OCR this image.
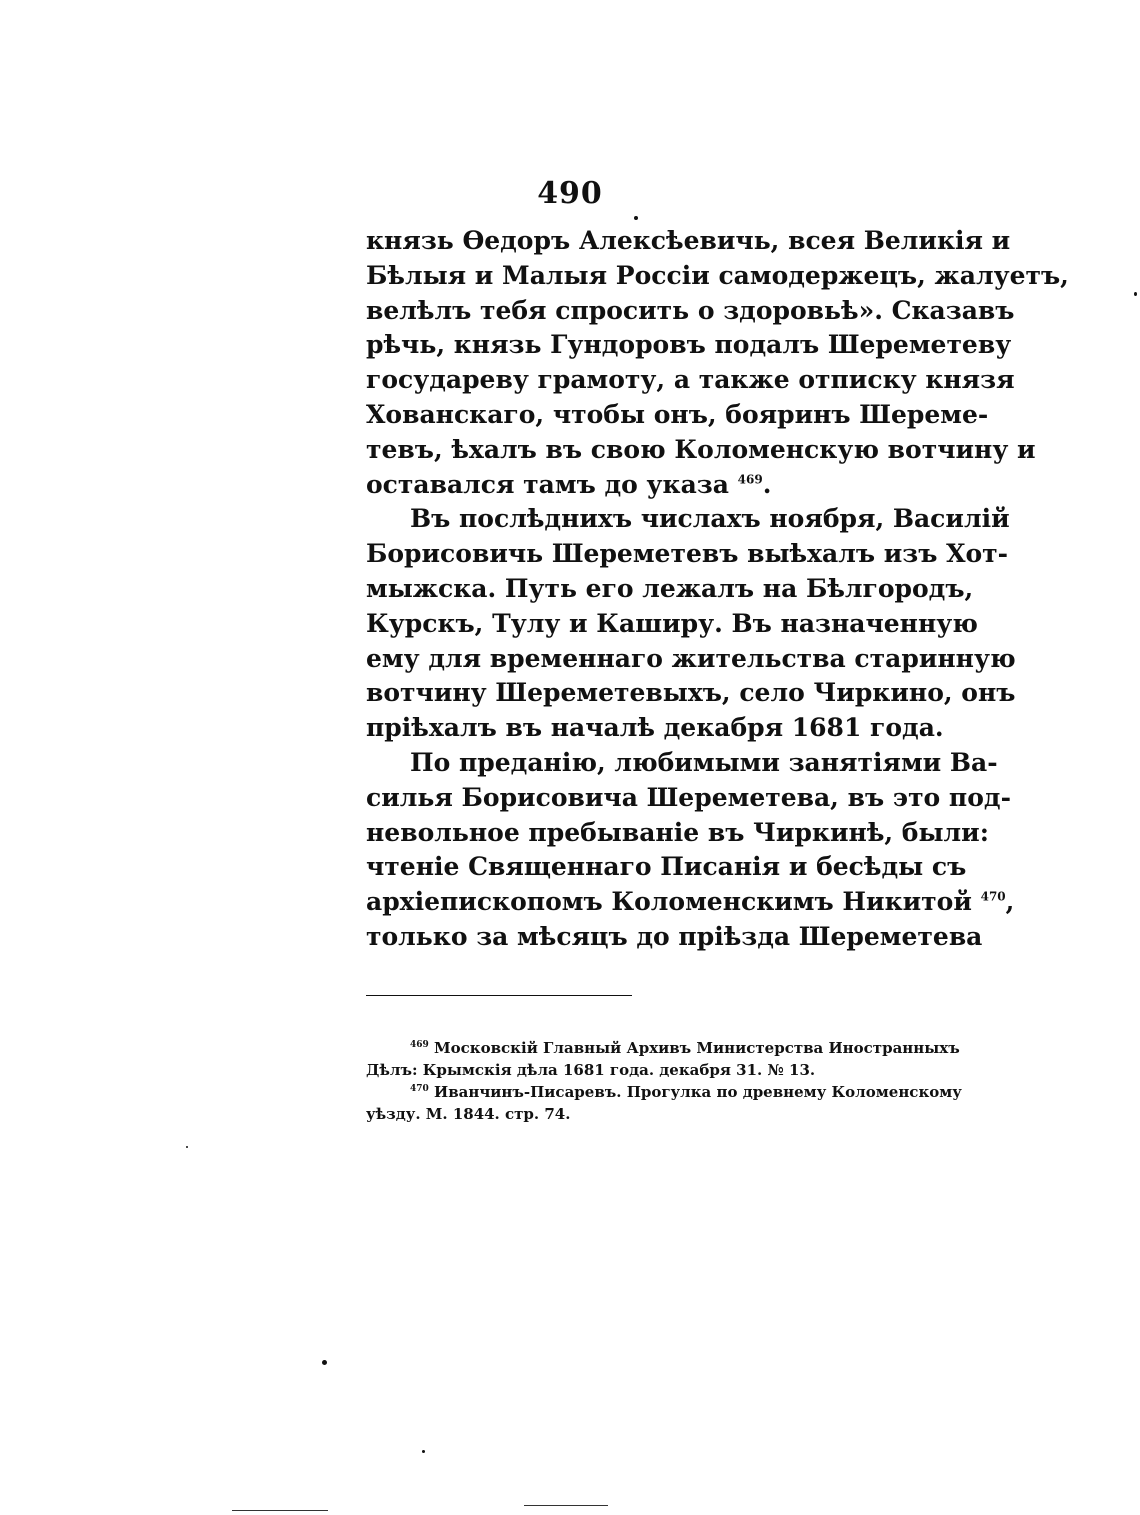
490
князь Өедоръ Алексѣевичь, всея Великія и
Бѣлыя и Малыя Россіи самодержецъ, жалуетъ,
велѣлъ тебя спросить о здоровьѣ». Сказавъ
рѣчь, князь Гундоровъ подалъ Шереметеву
государеву грамоту, а также отписку князя
Хованскаго, чтобы онъ, бояринъ Шереме-
тевъ, ѣхалъ въ свою Коломенскую вотчину и
оставался тамъ до указа $^{469}$.
Въ послѣднихъ числахъ ноября, Василій
Борисовичь Шереметевъ выѣхалъ изъ Хот-
мыжска. Путь его лежалъ на Бѣлгородъ,
Курскъ, Тулу и Каширу. Въ назначенную
ему для временнаго жительства старинную
вотчину Шереметевыхъ, село Чиркино, онъ
пріѣхалъ въ началѣ декабря 1681 года.
По преданію, любимыми занятіями Ва-
силья Борисовича Шереметева, въ это под-
невольное пребываніе въ Чиркинѣ, были:
чтеніе Священнаго Писанія и бесѣды съ
архіепископомъ Коломенскимъ Никитой $^{470}$,
только за мѣсяцъ до пріѣзда Шереметева
$^{469}$ Московскій Главный Архивъ Министерства Иностранныхъ
Дѣлъ: Крымскія дѣла 1681 года. декабря 31. № 13.
$^{470}$ Иванчинъ-Писаревъ. Прогулка по древнему Коломенскому
уѣзду. М. 1844. стр. 74.
